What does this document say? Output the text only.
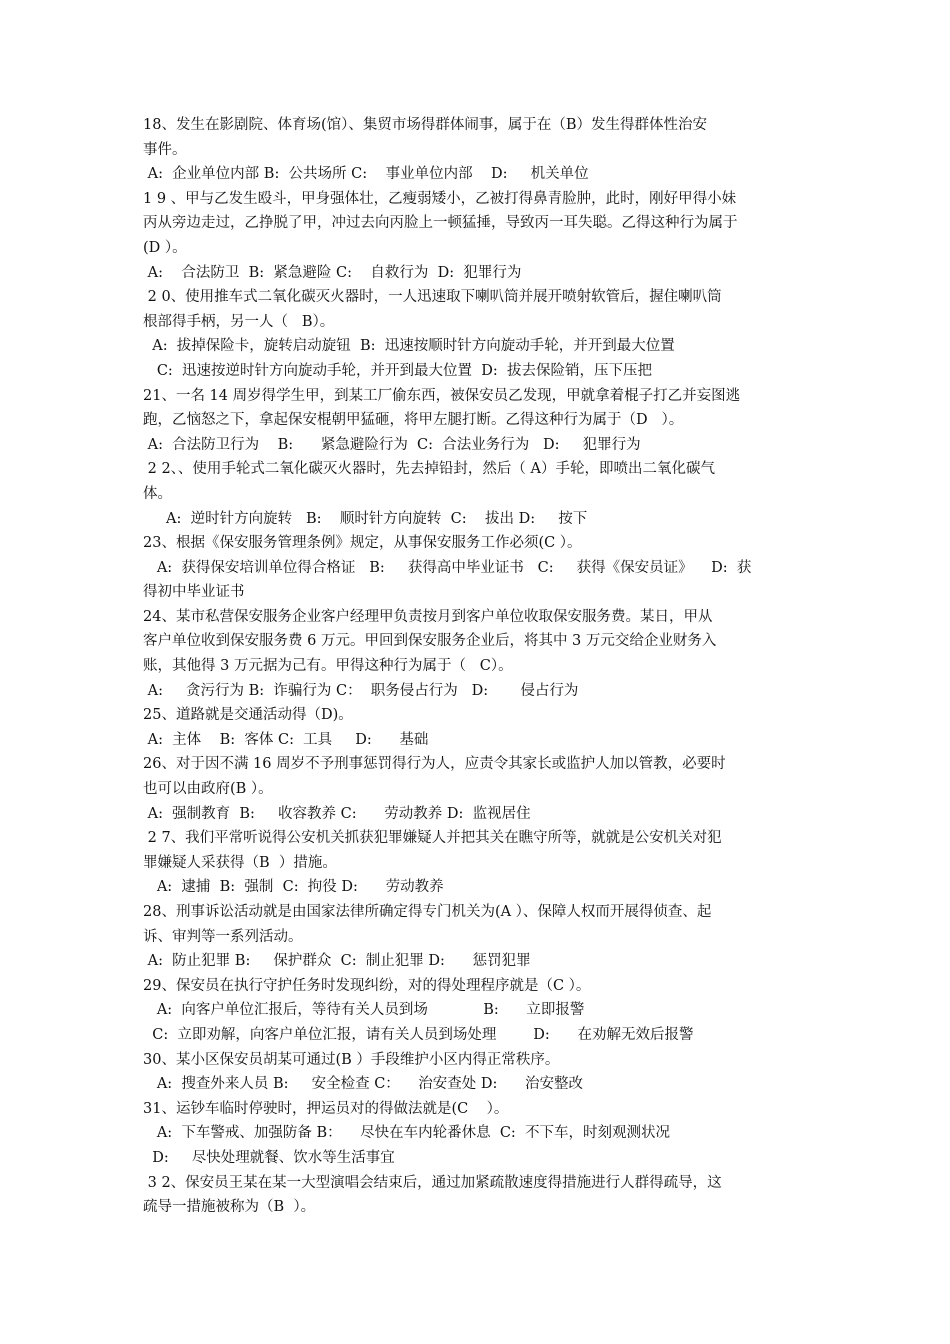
18、发生在影剧院、体育场(馆）、集贸市场得群体闹事，属于在（B）发生得群体性治安
事件。
A:  企业单位内部 B:  公共场所 C:    事业单位内部    D:     机关单位
1 9 、甲与乙发生殴斗，甲身强体壮，乙瘦弱矮小，乙被打得鼻青脸肿，此时，刚好甲得小妹
丙从旁边走过，乙挣脱了甲，冲过去向丙脸上一顿猛捶，导致丙一耳失聪。乙得这种行为属于
(D ）。
A:    合法防卫  B:  紧急避险 C:    自救行为  D:  犯罪行为
2 0、使用推车式二氧化碳灭火器时，一人迅速取下喇叭筒并展开喷射软管后，握住喇叭筒
根部得手柄，另一人（   B）。
A:  拔掉保险卡，旋转启动旋钮  B:  迅速按顺时针方向旋动手轮，并开到最大位置
C:  迅速按逆时针方向旋动手轮，并开到最大位置  D:  拔去保险销，压下压把
21、一名 14 周岁得学生甲，到某工厂偷东西，被保安员乙发现，甲就拿着棍子打乙并妄图逃
跑，乙恼怒之下，拿起保安棍朝甲猛砸，将甲左腿打断。乙得这种行为属于（D   ）。
A:  合法防卫行为    B:      紧急避险行为  C:  合法业务行为   D:     犯罪行为
2 2、、使用手轮式二氧化碳灭火器时，先去掉铅封，然后（ A）手轮，即喷出二氧化碳气
体。
A:  逆时针方向旋转   B:    顺时针方向旋转  C:    拔出 D:     按下
23、根据《保安服务管理条例》规定，从事保安服务工作必须(C ）。
A:  获得保安培训单位得合格证   B:     获得高中毕业证书   C:     获得《保安员证》    D:  获
得初中毕业证书
24、某市私营保安服务企业客户经理甲负责按月到客户单位收取保安服务费。某日，甲从
客户单位收到保安服务费 6 万元。甲回到保安服务企业后，将其中 3 万元交给企业财务入
账，其他得 3 万元据为己有。甲得这种行为属于（   C）。
A:     贪污行为 B:  诈骗行为 C：  职务侵占行为   D:       侵占行为
25、道路就是交通活动得（D)。
A:  主体    B:  客体 C:  工具     D:      基础
26、对于因不满 16 周岁不予刑事惩罚得行为人，应责令其家长或监护人加以管教，必要时
也可以由政府(B ）。
A:  强制教育  B:     收容教养 C:      劳动教养 D:  监视居住
2 7、我们平常听说得公安机关抓获犯罪嫌疑人并把其关在瞧守所等，就就是公安机关对犯
罪嫌疑人采获得（B  ）措施。
A:  逮捕  B:  强制  C:  拘役 D:      劳动教养
28、刑事诉讼活动就是由国家法律所确定得专门机关为(A ）、保障人权而开展得侦查、起
诉、审判等一系列活动。
A:  防止犯罪 B:     保护群众  C:  制止犯罪 D:      惩罚犯罪
29、保安员在执行守护任务时发现纠纷，对的得处理程序就是（C ）。
A:  向客户单位汇报后，等待有关人员到场            B:      立即报警
C:  立即劝解，向客户单位汇报，请有关人员到场处理        D:      在劝解无效后报警
30、某小区保安员胡某可通过(B ）手段维护小区内得正常秩序。
A:  搜查外来人员 B:     安全检查 C：    治安查处 D:      治安整改
31、运钞车临时停驶时，押运员对的得做法就是(C    ）。
A:  下车警戒、加强防备 B：    尽快在车内轮番休息  C:  不下车，时刻观测状况
D:     尽快处理就餐、饮水等生活事宜
3 2、保安员王某在某一大型演唱会结束后，通过加紧疏散速度得措施进行人群得疏导，这
疏导一措施被称为（B  ）。
